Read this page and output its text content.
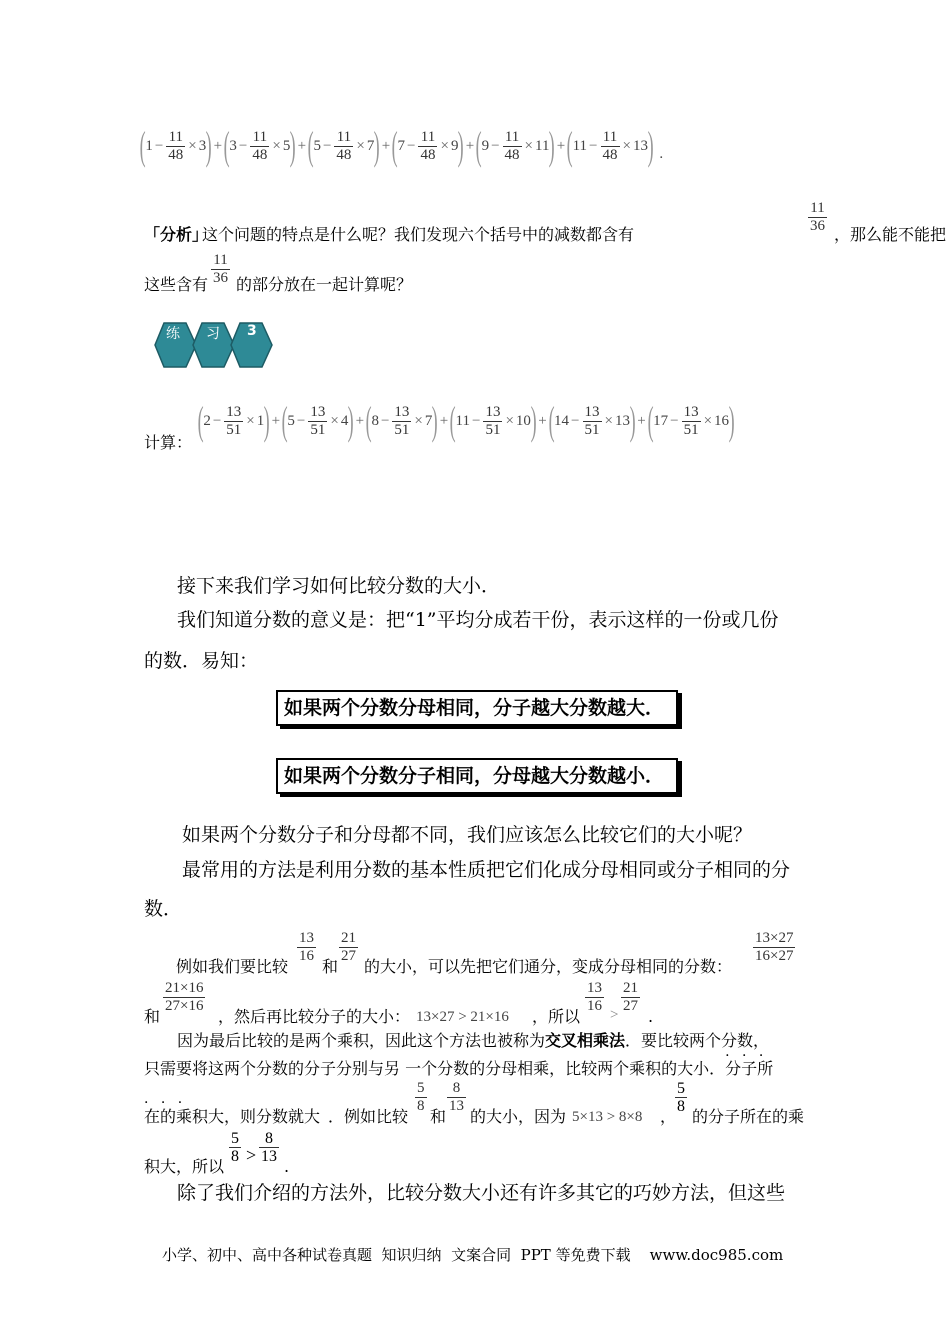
( $1 - \frac{11}{48} \times 3$ ) + ( $3 - \frac{11}{48} \times 5$ ) + ( $5 - \frac{11}{48} \times 7$ ) + ( $7 - \frac{11}{48} \times 9$ ) + ( $9 - \frac{11}{48} \times 11$ ) + ( $11 - \frac{11}{48} \times 13$ ) .
「分析」
这个问题的特点是什么呢？我们发现六个括号中的减数都含有	$\frac{11}{36}$ ，那么能不能把
这些含有 $\frac{11}{36}$ 的部分放在一起计算呢？
练 习 3
计算： ( $2 - \frac{13}{51} \times 1$ ) + ( $5 - \frac{13}{51} \times 4$ ) + ( $8 - \frac{13}{51} \times 7$ ) + ( $11 - \frac{13}{51} \times 10$ ) + ( $14 - \frac{13}{51} \times 13$ ) + ( $17 - \frac{13}{51} \times 16$ )
接下来我们学习如何比较分数的大小．
我们知道分数的意义是：把“1”平均分成若干份，表示这样的一份或几份
的数．易知：
如果两个分数分母相同，分子越大分数越大．
如果两个分数分子相同，分母越大分数越小．
如果两个分数分子和分母都不同，我们应该怎么比较它们的大小呢？
最常用的方法是利用分数的基本性质把它们化成分母相同或分子相同的分
数．
例如我们要比较
$\frac{13}{16}$
和
$\frac{21}{27}$
的大小，可以先把它们通分，变成分母相同的分数：
$\frac{13\times 27}{16\times 27}$
和
$\frac{21\times 16}{27\times 16}$
，然后再比较分子的大小： 13×27 > 21×16 ，所以
$\frac{13}{16} > \frac{21}{27}$
.
因为最后比较的是两个乘积，因此这个方法也被称为交叉相乘法．要比较两个分数，
只需要将这两个分数的分子分别与另 一个分数的分母相乘，比较两个乘积的大小．· · · 分子所
· · · 在的乘积大，则分数就大 ．例如比较
$\frac{5}{8}$
和
$\frac{8}{13}$
的大小，因为 5×13 > 8×8 ，
$\frac{5}{8}$
的分子所在的乘
积大，所以
$\frac{5}{8} > \frac{8}{13}$
.
除了我们介绍的方法外，比较分数大小还有许多其它的巧妙方法，但这些
小学、初中、高中各种试卷真题  知识归纳  文案合同  PPT 等免费下载    www.doc985.com
